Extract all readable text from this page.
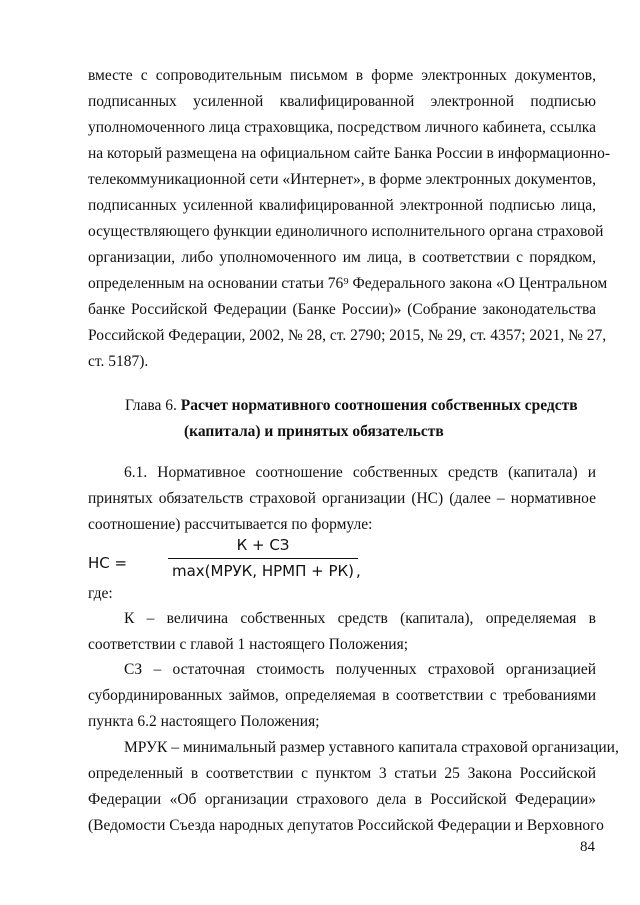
вместе с сопроводительным письмом в форме электронных документов,
подписанных усиленной квалифицированной электронной подписью
уполномоченного лица страховщика, посредством личного кабинета, ссылка
на который размещена на официальном сайте Банка России в информационно-
телекоммуникационной сети «Интернет», в форме электронных документов,
подписанных усиленной квалифицированной электронной подписью лица,
осуществляющего функции единоличного исполнительного органа страховой
организации, либо уполномоченного им лица, в соответствии с порядком,
определенным на основании статьи 76⁹ Федерального закона «О Центральном
банке Российской Федерации (Банке России)» (Собрание законодательства
Российской Федерации, 2002, № 28, ст. 2790; 2015, № 29, ст. 4357; 2021, № 27,
ст. 5187).
Глава 6. Расчет нормативного соотношения собственных средств
(капитала) и принятых обязательств
6.1. Нормативное соотношение собственных средств (капитала) и
принятых обязательств страховой организации (НС) (далее – нормативное
соотношение) рассчитывается по формуле:
НС =
К + СЗ
max(МРУК, НРМП + РК) ,
где:
К – величина собственных средств (капитала), определяемая в
соответствии с главой 1 настоящего Положения;
СЗ – остаточная стоимость полученных страховой организацией
субординированных займов, определяемая в соответствии с требованиями
пункта 6.2 настоящего Положения;
МРУК – минимальный размер уставного капитала страховой организации,
определенный в соответствии с пунктом 3 статьи 25 Закона Российской
Федерации «Об организации страхового дела в Российской Федерации»
(Ведомости Съезда народных депутатов Российской Федерации и Верховного
84
